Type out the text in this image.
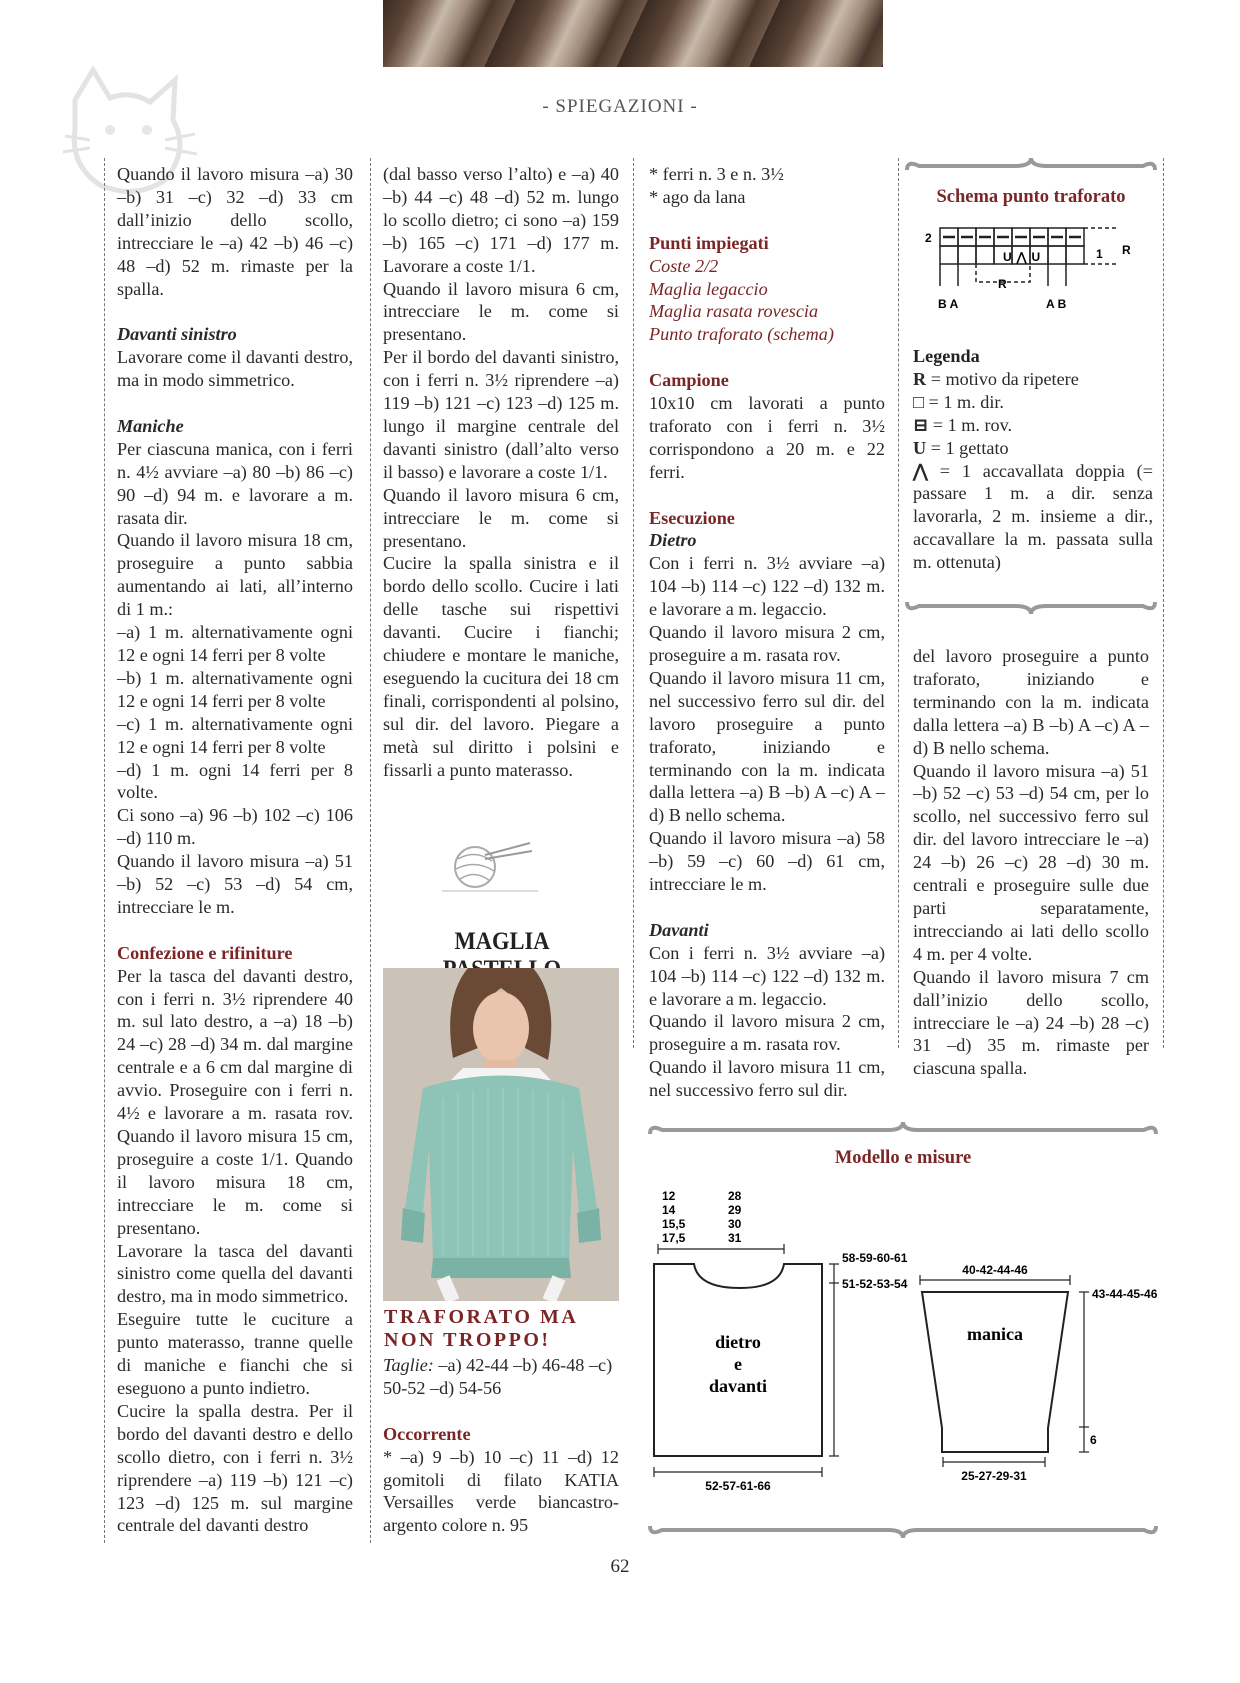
- SPIEGAZIONI -

Quando il lavoro misura –a) 30 –b) 31 –c) 32 –d) 33 cm dall’inizio dello scollo, intrecciare le –a) 42 –b) 46 –c) 48 –d) 52 m. rimaste per la spalla.

Davanti sinistro

Lavorare come il davanti destro, ma in modo simmetrico.

Maniche

Per ciascuna manica, con i ferri n. 4½ avviare –a) 80 –b) 86 –c) 90 –d) 94 m. e lavorare a m. rasata dir.

Quando il lavoro misura 18 cm, proseguire a punto sabbia aumentando ai lati, all’interno di 1 m.:

–a) 1 m. alternativamente ogni 12 e ogni 14 ferri per 8 volte

–b) 1 m. alternativamente ogni 12 e ogni 14 ferri per 8 volte

–c) 1 m. alternativamente ogni 12 e ogni 14 ferri per 8 volte

–d) 1 m. ogni 14 ferri per 8 volte.

Ci sono –a) 96 –b) 102 –c) 106 –d) 110 m.

Quando il lavoro misura –a) 51 –b) 52 –c) 53 –d) 54 cm, intrecciare le m.

Confezione e rifiniture

Per la tasca del davanti destro, con i ferri n. 3½ riprendere 40 m. sul lato destro, a –a) 18 –b) 24 –c) 28 –d) 34 m. dal margine centrale e a 6 cm dal margine di avvio. Proseguire con i ferri n. 4½ e lavorare a m. rasata rov. Quando il lavoro misura 15 cm, proseguire a coste 1/1. Quando il lavoro misura 18 cm, intrecciare le m. come si presentano.

Lavorare la tasca del davanti sinistro come quella del davanti destro, ma in modo simmetrico.

Eseguire tutte le cuciture a punto materasso, tranne quelle di maniche e fianchi che si eseguono a punto indietro.

Cucire la spalla destra. Per il bordo del davanti destro e dello scollo dietro, con i ferri n. 3½ riprendere –a) 119 –b) 121 –c) 123 –d) 125 m. sul margine centrale del davanti destro

(dal basso verso l’alto) e –a) 40 –b) 44 –c) 48 –d) 52 m. lungo lo scollo dietro; ci sono –a) 159 –b) 165 –c) 171 –d) 177 m. Lavorare a coste 1/1.

Quando il lavoro misura 6 cm, intrecciare le m. come si presentano.

Per il bordo del davanti sinistro, con i ferri n. 3½ riprendere –a) 119 –b) 121 –c) 123 –d) 125 m. lungo il margine centrale del davanti sinistro (dall’alto verso il basso) e lavorare a coste 1/1.

Quando il lavoro misura 6 cm, intrecciare le m. come si presentano.

Cucire la spalla sinistra e il bordo dello scollo. Cucire i lati delle tasche sui rispettivi davanti. Cucire i fianchi; chiudere e montare le maniche, eseguendo la cucitura dei 18 cm finali, corrispondenti al polsino, sul dir. del lavoro. Piegare a metà sul diritto i polsini e fissarli a punto materasso.

MAGLIA
TRAFORATO MA NON TROPPO!

Taglie: –a) 42-44 –b) 46-48 –c) 50-52 –d) 54-56

Occorrente

* –a) 9 –b) 10 –c) 11 –d) 12 gomitoli di filato KATIA Versailles verde biancastro-argento colore n. 95

* ferri n. 3 e n. 3½

* ago da lana

Punti impiegati

Coste 2/2

Maglia legaccio

Maglia rasata rovescia

Punto traforato (schema)

Campione

10x10 cm lavorati a punto traforato con i ferri n. 3½ corrispondono a 20 m. e 22 ferri.

Esecuzione

Dietro

Con i ferri n. 3½ avviare –a) 104 –b) 114 –c) 122 –d) 132 m. e lavorare a m. legaccio.

Quando il lavoro misura 2 cm, proseguire a m. rasata rov.

Quando il lavoro misura 11 cm, nel successivo ferro sul dir. del lavoro proseguire a punto traforato, iniziando e terminando con la m. indicata dalla lettera –a) B –b) A –c) A –d) B nello schema.

Quando il lavoro misura –a) 58 –b) 59 –c) 60 –d) 61 cm, intrecciare le m.

Davanti

Con i ferri n. 3½ avviare –a) 104 –b) 114 –c) 122 –d) 132 m. e lavorare a m. legaccio.

Quando il lavoro misura 2 cm, proseguire a m. rasata rov.

Quando il lavoro misura 11 cm, nel successivo ferro sul dir.

Schema punto traforato
2
U⋀U	1 R
R
BA	AB

Legenda

R = motivo da ripetere

□ = 1 m. dir.

⊟ = 1 m. rov.

U = 1 gettato

⋀ = 1 accavallata doppia (= passare 1 m. a dir. senza lavorarla, 2 m. insieme a dir., accavallare la m. passata sulla m. ottenuta)

del lavoro proseguire a punto traforato, iniziando e terminando con la m. indicata dalla lettera –a) B –b) A –c) A –d) B nello schema.

Quando il lavoro misura –a) 51 –b) 52 –c) 53 –d) 54 cm, per lo scollo, nel successivo ferro sul dir. del lavoro intrecciare le –a) 24 –b) 26 –c) 28 –d) 30 m. centrali e proseguire sulle due parti separatamente, intrecciando ai lati dello scollo 4 m. per 4 volte.

Quando il lavoro misura 7 cm dall’inizio dello scollo, intrecciare le –a) 24 –b) 28 –c) 31 –d) 35 m. rimaste per ciascuna spalla.

Modello e misure
12
14
15,5
17,5
28
29
30
31
58-59-60-61
51-52-53-54
dietro
e
davanti
52-57-61-66
40-42-44-46
manica
43-44-45-46
6
25-27-29-31
62
